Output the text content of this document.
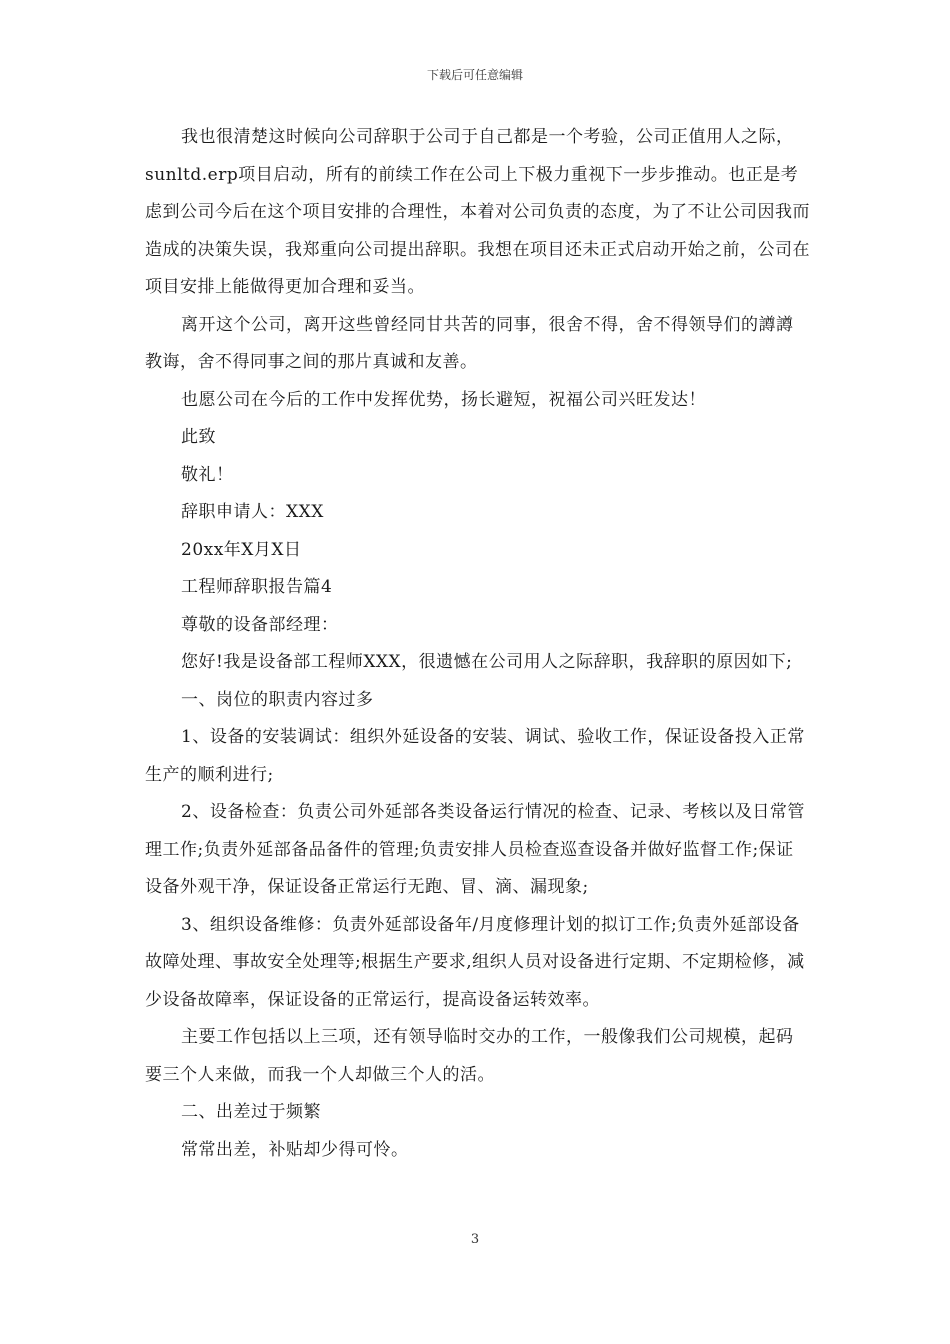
下载后可任意编辑

我也很清楚这时候向公司辞职于公司于自己都是一个考验，公司正值用人之际，sunltd.erp项目启动，所有的前续工作在公司上下极力重视下一步步推动。也正是考虑到公司今后在这个项目安排的合理性，本着对公司负责的态度，为了不让公司因我而造成的决策失误，我郑重向公司提出辞职。我想在项目还未正式启动开始之前，公司在项目安排上能做得更加合理和妥当。

离开这个公司，离开这些曾经同甘共苦的同事，很舍不得，舍不得领导们的譐譐教诲，舍不得同事之间的那片真诚和友善。

也愿公司在今后的工作中发挥优势，扬长避短，祝福公司兴旺发达！

此致

敬礼！

辞职申请人：XXX

20xx年X月X日

工程师辞职报告篇4

尊敬的设备部经理：

您好!我是设备部工程师XXX，很遗憾在公司用人之际辞职，我辞职的原因如下;

一、岗位的职责内容过多

1、设备的安装调试：组织外延设备的安装、调试、验收工作，保证设备投入正常生产的顺利进行;

2、设备检查：负责公司外延部各类设备运行情况的检查、记录、考核以及日常管理工作;负责外延部备品备件的管理;负责安排人员检查巡查设备并做好监督工作;保证设备外观干净，保证设备正常运行无跑、冒、滴、漏现象;

3、组织设备维修：负责外延部设备年/月度修理计划的拟订工作;负责外延部设备故障处理、事故安全处理等;根据生产要求,组织人员对设备进行定期、不定期检修，减少设备故障率，保证设备的正常运行，提高设备运转效率。

主要工作包括以上三项，还有领导临时交办的工作，一般像我们公司规模，起码要三个人来做，而我一个人却做三个人的活。

二、出差过于频繁

常常出差，补贴却少得可怜。

3
